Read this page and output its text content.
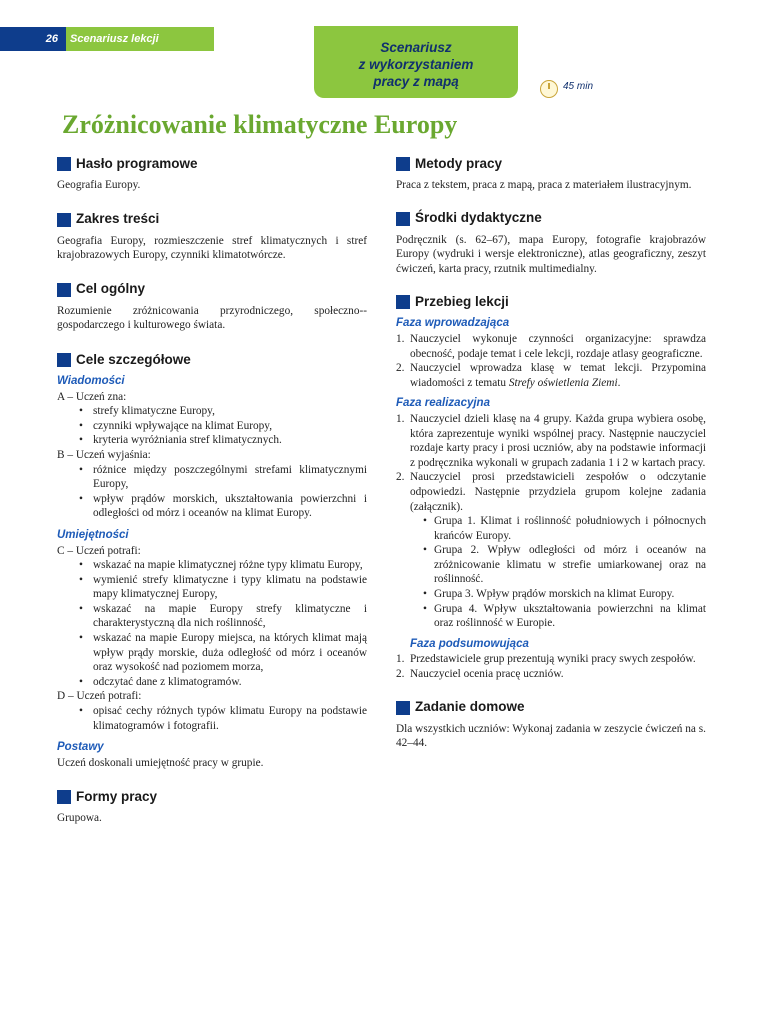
26	Scenariusz lekcji
Scenariusz
z wykorzystaniem
pracy z mapą	45 min
Zróżnicowanie klimatyczne Europy
Hasło programowe

Geografia Europy.

Zakres treści

Geografia Europy, rozmieszczenie stref klimatycznych i stref krajobrazowych Europy, czynniki klimatotwórcze.

Cel ogólny

Rozumienie zróżnicowania przyrodniczego, społeczno--gospodarczego i kulturowego świata.

Cele szczegółowe
Wiadomości

A – Uczeń zna:

• strefy klimatyczne Europy,
• czynniki wpływające na klimat Europy,
• kryteria wyróżniania stref klimatycznych.

B – Uczeń wyjaśnia:

• różnice między poszczególnymi strefami klimatycznymi Europy,
• wpływ prądów morskich, ukształtowania powierzchni i odległości od mórz i oceanów na klimat Europy.
Umiejętności

C – Uczeń potrafi:

• wskazać na mapie klimatycznej różne typy klimatu Europy,
• wymienić strefy klimatyczne i typy klimatu na podstawie mapy klimatycznej Europy,
• wskazać na mapie Europy strefy klimatyczne i charakterystyczną dla nich roślinność,
• wskazać na mapie Europy miejsca, na których klimat mają wpływ prądy morskie, duża odległość od mórz i oceanów oraz wysokość nad poziomem morza,
• odczytać dane z klimatogramów.

D – Uczeń potrafi:

• opisać cechy różnych typów klimatu Europy na podstawie klimatogramów i fotografii.
Postawy

Uczeń doskonali umiejętność pracy w grupie.

Formy pracy

Grupowa.

Metody pracy

Praca z tekstem, praca z mapą, praca z materiałem ilustracyjnym.

Środki dydaktyczne

Podręcznik (s. 62–67), mapa Europy, fotografie krajobrazów Europy (wydruki i wersje elektroniczne), atlas geograficzny, zeszyt ćwiczeń, karta pracy, rzutnik multimedialny.

Przebieg lekcji
Faza wprowadzająca
1. Nauczyciel wykonuje czynności organizacyjne: sprawdza obecność, podaje temat i cele lekcji, rozdaje atlasy geograficzne.
2. Nauczyciel wprowadza klasę w temat lekcji. Przypomina wiadomości z tematu Strefy oświetlenia Ziemi.
Faza realizacyjna
1. Nauczyciel dzieli klasę na 4 grupy. Każda grupa wybiera osobę, która zaprezentuje wyniki wspólnej pracy. Następnie nauczyciel rozdaje karty pracy i prosi uczniów, aby na podstawie informacji z podręcznika wykonali w grupach zadania 1 i 2 w kartach pracy.
2. Nauczyciel prosi przedstawicieli zespołów o odczytanie odpowiedzi. Następnie przydziela grupom kolejne zadania (załącznik).
• Grupa 1. Klimat i roślinność południowych i północnych krańców Europy.
• Grupa 2. Wpływ odległości od mórz i oceanów na zróżnicowanie klimatu w strefie umiarkowanej oraz na roślinność.
• Grupa 3. Wpływ prądów morskich na klimat Europy.
• Grupa 4. Wpływ ukształtowania powierzchni na klimat oraz roślinność w Europie.
Faza podsumowująca
1. Przedstawiciele grup prezentują wyniki pracy swych zespołów.
2. Nauczyciel ocenia pracę uczniów.
Zadanie domowe

Dla wszystkich uczniów: Wykonaj zadania w zeszycie ćwiczeń na s. 42–44.
